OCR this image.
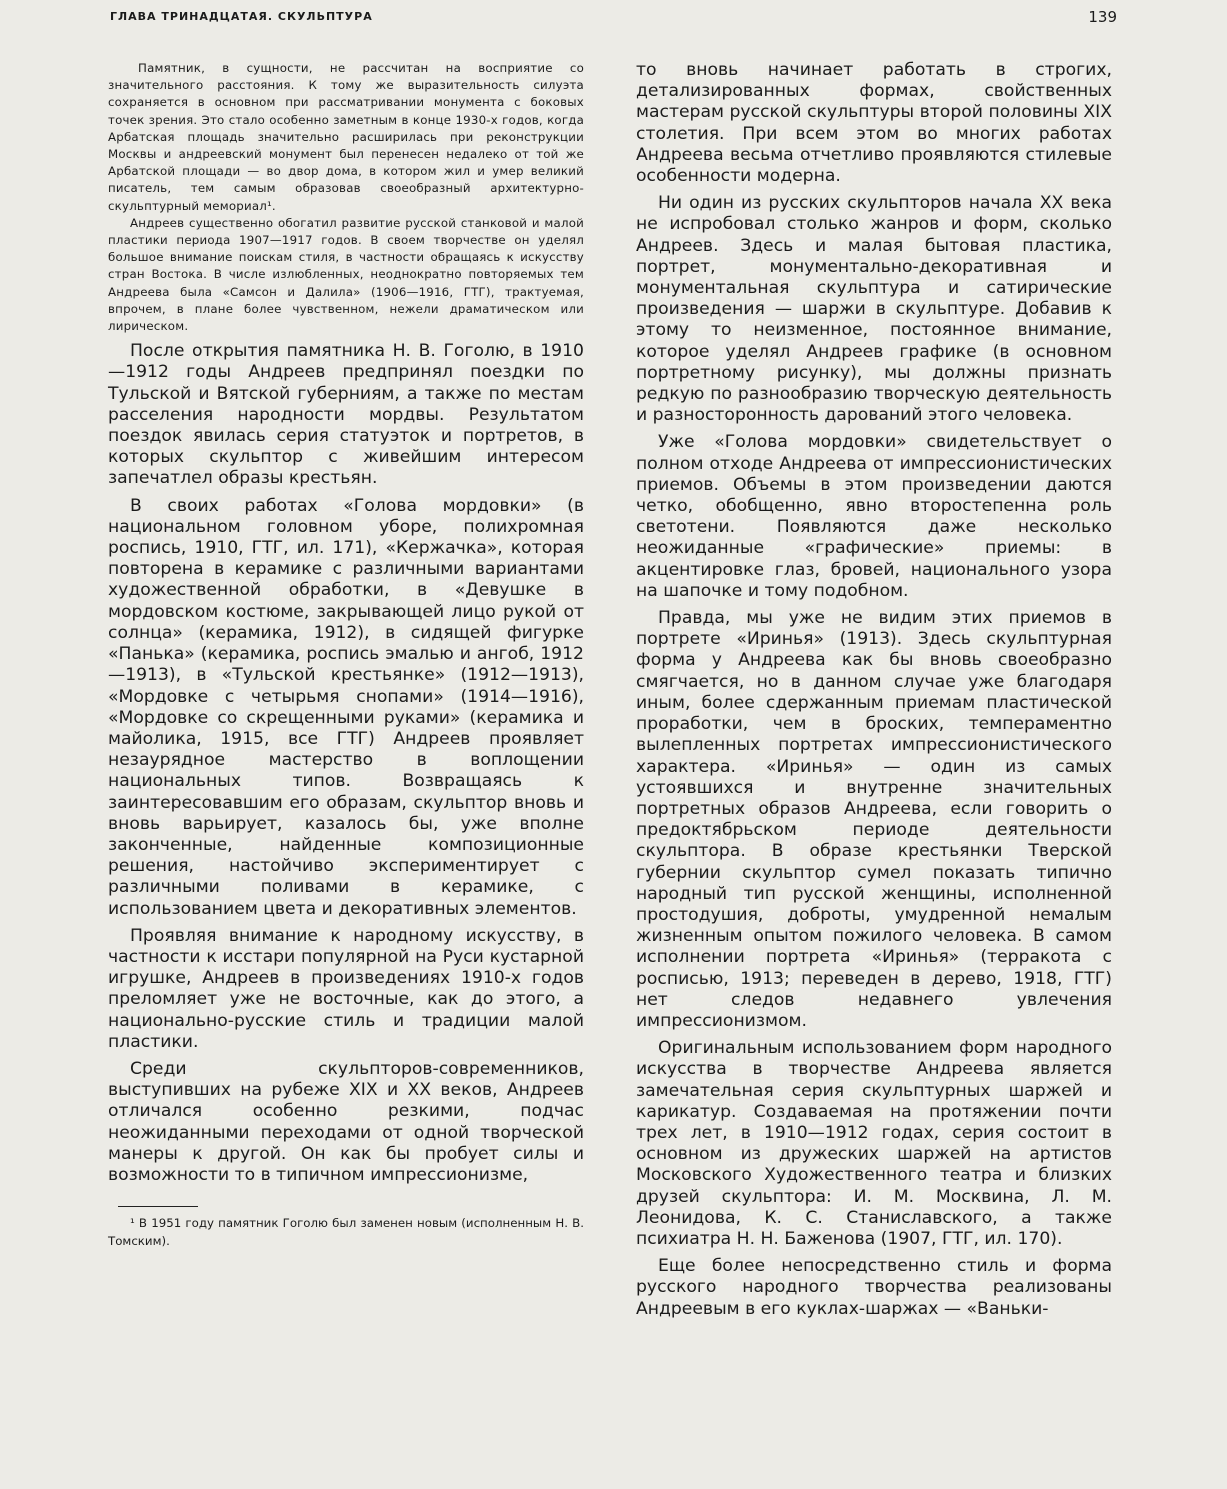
ГЛАВА ТРИНАДЦАТАЯ. СКУЛЬПТУРА	139

Памятник, в сущности, не рассчитан на восприятие со значительного расстояния. К тому же выразительность силуэта сохраняется в основном при рассматривании монумента с боковых точек зрения. Это стало особенно заметным в конце 1930-х годов, когда Арбатская площадь значительно расширилась при реконструкции Москвы и андреевский монумент был перенесен недалеко от той же Арбатской площади — во двор дома, в котором жил и умер великий писатель, тем самым образовав своеобразный архитектурно-скульптурный мемориал¹.

Андреев существенно обогатил развитие русской станковой и малой пластики периода 1907—1917 годов. В своем творчестве он уделял большое внимание поискам стиля, в частности обращаясь к искусству стран Востока. В числе излюбленных, неоднократно повторяемых тем Андреева была «Самсон и Далила» (1906—1916, ГТГ), трактуемая, впрочем, в плане более чувственном, нежели драматическом или лирическом.

После открытия памятника Н. В. Гоголю, в 1910—1912 годы Андреев предпринял поездки по Тульской и Вятской губерниям, а также по местам расселения народности мордвы. Результатом поездок явилась серия статуэток и портретов, в которых скульптор с живейшим интересом запечатлел образы крестьян.

В своих работах «Голова мордовки» (в национальном головном уборе, полихромная роспись, 1910, ГТГ, ил. 171), «Кержачка», которая повторена в керамике с различными вариантами художественной обработки, в «Девушке в мордовском костюме, закрывающей лицо рукой от солнца» (керамика, 1912), в сидящей фигурке «Панька» (керамика, роспись эмалью и ангоб, 1912—1913), в «Тульской крестьянке» (1912—1913), «Мордовке с четырьмя снопами» (1914—1916), «Мордовке со скрещенными руками» (керамика и майолика, 1915, все ГТГ) Андреев проявляет незаурядное мастерство в воплощении национальных типов. Возвращаясь к заинтересовавшим его образам, скульптор вновь и вновь варьирует, казалось бы, уже вполне законченные, найденные композиционные решения, настойчиво экспериментирует с различными поливами в керамике, с использованием цвета и декоративных элементов.

Проявляя внимание к народному искусству, в частности к исстари популярной на Руси кустарной игрушке, Андреев в произведениях 1910-х годов преломляет уже не восточные, как до этого, а национально-русские стиль и традиции малой пластики.

Среди скульпторов-современников, выступивших на рубеже XIX и XX веков, Андреев отличался особенно резкими, подчас неожиданными переходами от одной творческой манеры к другой. Он как бы пробует силы и возможности то в типичном импрессионизме,

¹ В 1951 году памятник Гоголю был заменен новым (исполненным Н. В. Томским).

то вновь начинает работать в строгих, детализированных формах, свойственных мастерам русской скульптуры второй половины XIX столетия. При всем этом во многих работах Андреева весьма отчетливо проявляются стилевые особенности модерна.

Ни один из русских скульпторов начала XX века не испробовал столько жанров и форм, сколько Андреев. Здесь и малая бытовая пластика, портрет, монументально-декоративная и монументальная скульптура и сатирические произведения — шаржи в скульптуре. Добавив к этому то неизменное, постоянное внимание, которое уделял Андреев графике (в основном портретному рисунку), мы должны признать редкую по разнообразию творческую деятельность и разносторонность дарований этого человека.

Уже «Голова мордовки» свидетельствует о полном отходе Андреева от импрессионистических приемов. Объемы в этом произведении даются четко, обобщенно, явно второстепенна роль светотени. Появляются даже несколько неожиданные «графические» приемы: в акцентировке глаз, бровей, национального узора на шапочке и тому подобном.

Правда, мы уже не видим этих приемов в портрете «Иринья» (1913). Здесь скульптурная форма у Андреева как бы вновь своеобразно смягчается, но в данном случае уже благодаря иным, более сдержанным приемам пластической проработки, чем в броских, темпераментно вылепленных портретах импрессионистического характера. «Иринья» — один из самых устоявшихся и внутренне значительных портретных образов Андреева, если говорить о предоктябрьском периоде деятельности скульптора. В образе крестьянки Тверской губернии скульптор сумел показать типично народный тип русской женщины, исполненной простодушия, доброты, умудренной немалым жизненным опытом пожилого человека. В самом исполнении портрета «Иринья» (терракота с росписью, 1913; переведен в дерево, 1918, ГТГ) нет следов недавнего увлечения импрессионизмом.

Оригинальным использованием форм народного искусства в творчестве Андреева является замечательная серия скульптурных шаржей и карикатур. Создаваемая на протяжении почти трех лет, в 1910—1912 годах, серия состоит в основном из дружеских шаржей на артистов Московского Художественного театра и близких друзей скульптора: И. М. Москвина, Л. М. Леонидова, К. С. Станиславского, а также психиатра Н. Н. Баженова (1907, ГТГ, ил. 170).

Еще более непосредственно стиль и форма русского народного творчества реализованы Андреевым в его куклах-шаржах — «Ваньки-
